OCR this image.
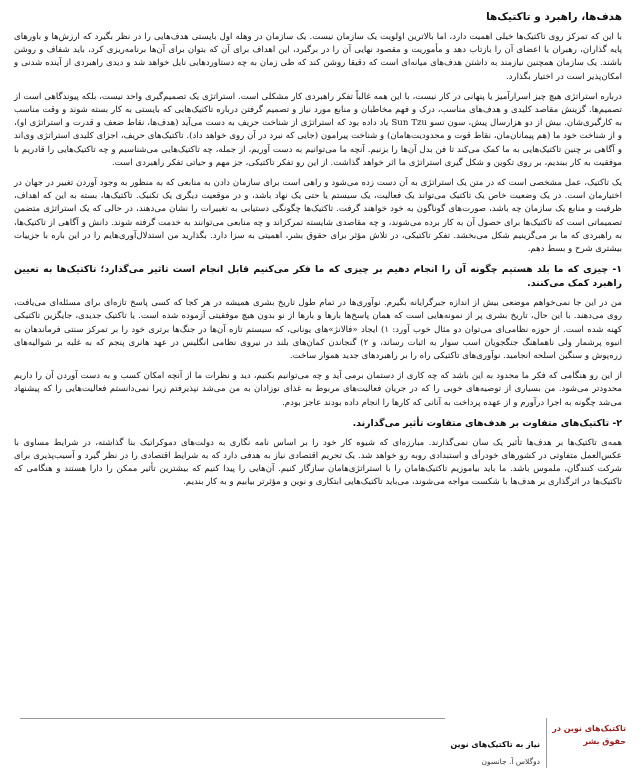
هدف‌ها، راهبرد و تاکتیک‌ها

با این که تمرکز روی تاکتیک‌ها خیلی اهمیت دارد، اما بالاترین اولویت یک سازمان نیست. یک سازمان در وهله اول بایستی هدف‌هایی را در نظر بگیرد که ارزش‌ها و باورهای پایه گذاران، رهبران یا اعضای آن را بازتاب دهد و مأموریت و مقصود نهایی آن را در برگیرد، این اهداف برای آن که بتوان برای آن‌ها برنامه‌ریزی کرد، باید شفاف و روشن باشند. یک سازمان همچنین نیازمند به داشتن هدف‌های میانه‌ای است که دقیقا روشن کند که طی زمان به چه دستاوردهایی نایل خواهد شد و دیدی راهبردی از آینده شدنی و امکان‌پذیر است در اختیار بگذارد.

درباره استراتژی هیچ چیز اسرارآمیز یا پنهانی در کار نیست، با این همه غالباً تفکر راهبردی کار مشکلی است. استراتژی یک تصمیم‌گیری واحد نیست، بلکه پیوندگاهی است از تصمیم‌ها. گزینش مقاصد کلیدی و هدف‌های مناسب، درک و فهم مخاطبان و منابع مورد نیاز و تصمیم گرفتن درباره تاکتیک‌هایی که بایستی به کار بسته شوند و وقت مناسب به کارگیری‌شان. بیش از دو هزارسال پیش، سون تسو Sun Tzu یاد داده بود که استراتژی از شناخت حریف به دست می‌آید (هدف‌ها، نقاط ضعف و قدرت و استراتژی او)، و از شناخت خود ما (هم پیمانان‌مان، نقاط قوت و محدودیت‌هامان) و شناخت پیرامون (جایی که نبرد در آن روی خواهد داد). تاکتیک‌های حریف، اجزای کلیدی استراتژی وی‌اند و آگاهی بر چنین تاکتیک‌هایی به ما کمک می‌کند تا فن بدل آن‌ها را بزنیم. آنچه ما می‌توانیم به دست آوریم، از جمله، چه تاکتیک‌هایی می‌شناسیم و چه تاکتیک‌هایی را قادریم با موفقیت به کار ببندیم، بر روی تکوین و شکل گیری استراتژی ما اثر خواهد گذاشت. از این رو تفکر تاکتیکی، جز مهم و حیاتی تفکر راهبردی است.

یک تاکتیک، عمل مشخصی است که در متن یک استراتژی به آن دست زده می‌شود و راهی است برای سازمان دادن به منابعی که به منظور به وجود آوردن تغییر در جهان در اختیارمان است. در یک وضعیت خاص یک تاکتیک می‌تواند یک فعالیت، یک سیستم یا حتی یک نهاد باشد، و در موقعیت دیگری یک تکنیک. تاکتیک‌ها، بسته به این که اهداف، ظرفیت و منابع یک سازمان چه باشد، صورت‌های گوناگون به خود خواهند گرفت. تاکتیک‌ها چگونگی دستیابی به تغییرات را نشان می‌دهند، در حالی که یک استراتژی متضمن تصمیماتی است که تاکتیک‌ها برای حصول آن به کار برده می‌شوند، و چه مقاصدی شایسته تمرکزاند و چه منابعی می‌توانند به خدمت گرفته شوند. دانش و آگاهی از تاکتیک‌ها، به راهبردی که ما بر می‌گزینیم شکل می‌بخشد. تفکر تاکتیکی، در تلاش مؤثر برای حقوق بشر، اهمیتی به سزا دارد. بگذارید من استدلال‌آوری‌هایم را در این باره با جزییات بیشتری شرح و بسط دهم.

۱- چیزی که ما بلد هستیم چگونه آن را انجام دهیم بر چیزی که ما فکر می‌کنیم قابل انجام است تاثیر می‌گذارد؛ تاکتیک‌ها به تعیین راهبرد کمک می‌کنند.

من در این جا نمی‌خواهم موضعی بیش از اندازه جبرگرایانه بگیرم. نوآوری‌ها در تمام طول تاریخ بشری همیشه در هر کجا که کسی پاسخ تازه‌ای برای مسئله‌ای می‌یافت، روی می‌دهند. با این حال، تاریخ بشری پر از نمونه‌هایی است که همان پاسخ‌ها بارها و بارها از نو بدون هیچ موفقیتی آزموده شده است. یا تاکتیک جدیدی، جایگزین تاکتیکی کهنه شده است. از حوزه نظامی‌ای می‌توان دو مثال خوب آورد: ۱) ایجاد «فالانژ»های یونانی، که سیستم تازه آن‌ها در جنگ‌ها برتری خود را بر تمرکز سنتی فرماندهان به انبوه پرشمار ولی ناهماهنگ جنگجویان اسب سوار به اثبات رساند، و ۲) گنجاندن کمان‌های بلند در نیروی نظامی انگلیس در عهد هانری پنجم که به غلبه بر شوالیه‌های زره‌پوش و سنگین اسلحه انجامید. نوآوری‌های تاکتیکی راه را بر راهبردهای جدید هموار ساخت.

از این رو هنگامی که فکر ما محدود به این باشد که چه کاری از دستمان برمی آید و چه می‌توانیم بکنیم، دید و نظرات ما از آنچه امکان کسب و به دست آوردن آن را داریم محدودتر می‌شود. من بسیاری از توصیه‌های خوبی را که در جریان فعالیت‌های مربوط به غذای نوزادان به من می‌شد نپذیرفتم زیرا نمی‌دانستم فعالیت‌هایی را که پیشنهاد می‌شد چگونه به اجرا درآورم و از عهده پرداخت به آنانی که کارها را انجام داده بودند عاجز بودم.

۲- تاکتیک‌های متفاوت بر هدف‌های متفاوت تأثیر می‌گذارند.

همه‌ی تاکتیک‌ها بر هدف‌ها تأثیر یک سان نمی‌گذارند. مبارزه‌ای که شیوه کار خود را بر اساس نامه نگاری به دولت‌های دموکراتیک بنا گذاشته، در شرایط مساوی با عکس‌العمل متفاوتی در کشورهای خودرأی و استبدادی روبه رو خواهد شد. یک تحریم اقتصادی نیاز به هدفی دارد که به شرایط اقتصادی را در نظر گیرد و آسیب‌پذیری برای شرکت کنندگان، ملموس باشد. ما باید بیاموزیم تاکتیک‌هامان را با استراتژی‌هامان سازگار کنیم. آن‌هایی را پیدا کنیم که بیشترین تأثیر ممکن را دارا هستند و هنگامی که تاکتیک‌ها در اثرگذاری بر هدف‌ها با شکست مواجه می‌شوند، می‌باید تاکتیک‌هایی ابتکاری و نوین و مؤثرتر بیابیم و به کار بندیم.

نیاز به تاکتیک‌های نوین
دوگلاس آ. جانسون
تاکتیک‌های نوین در حقوق بشر
